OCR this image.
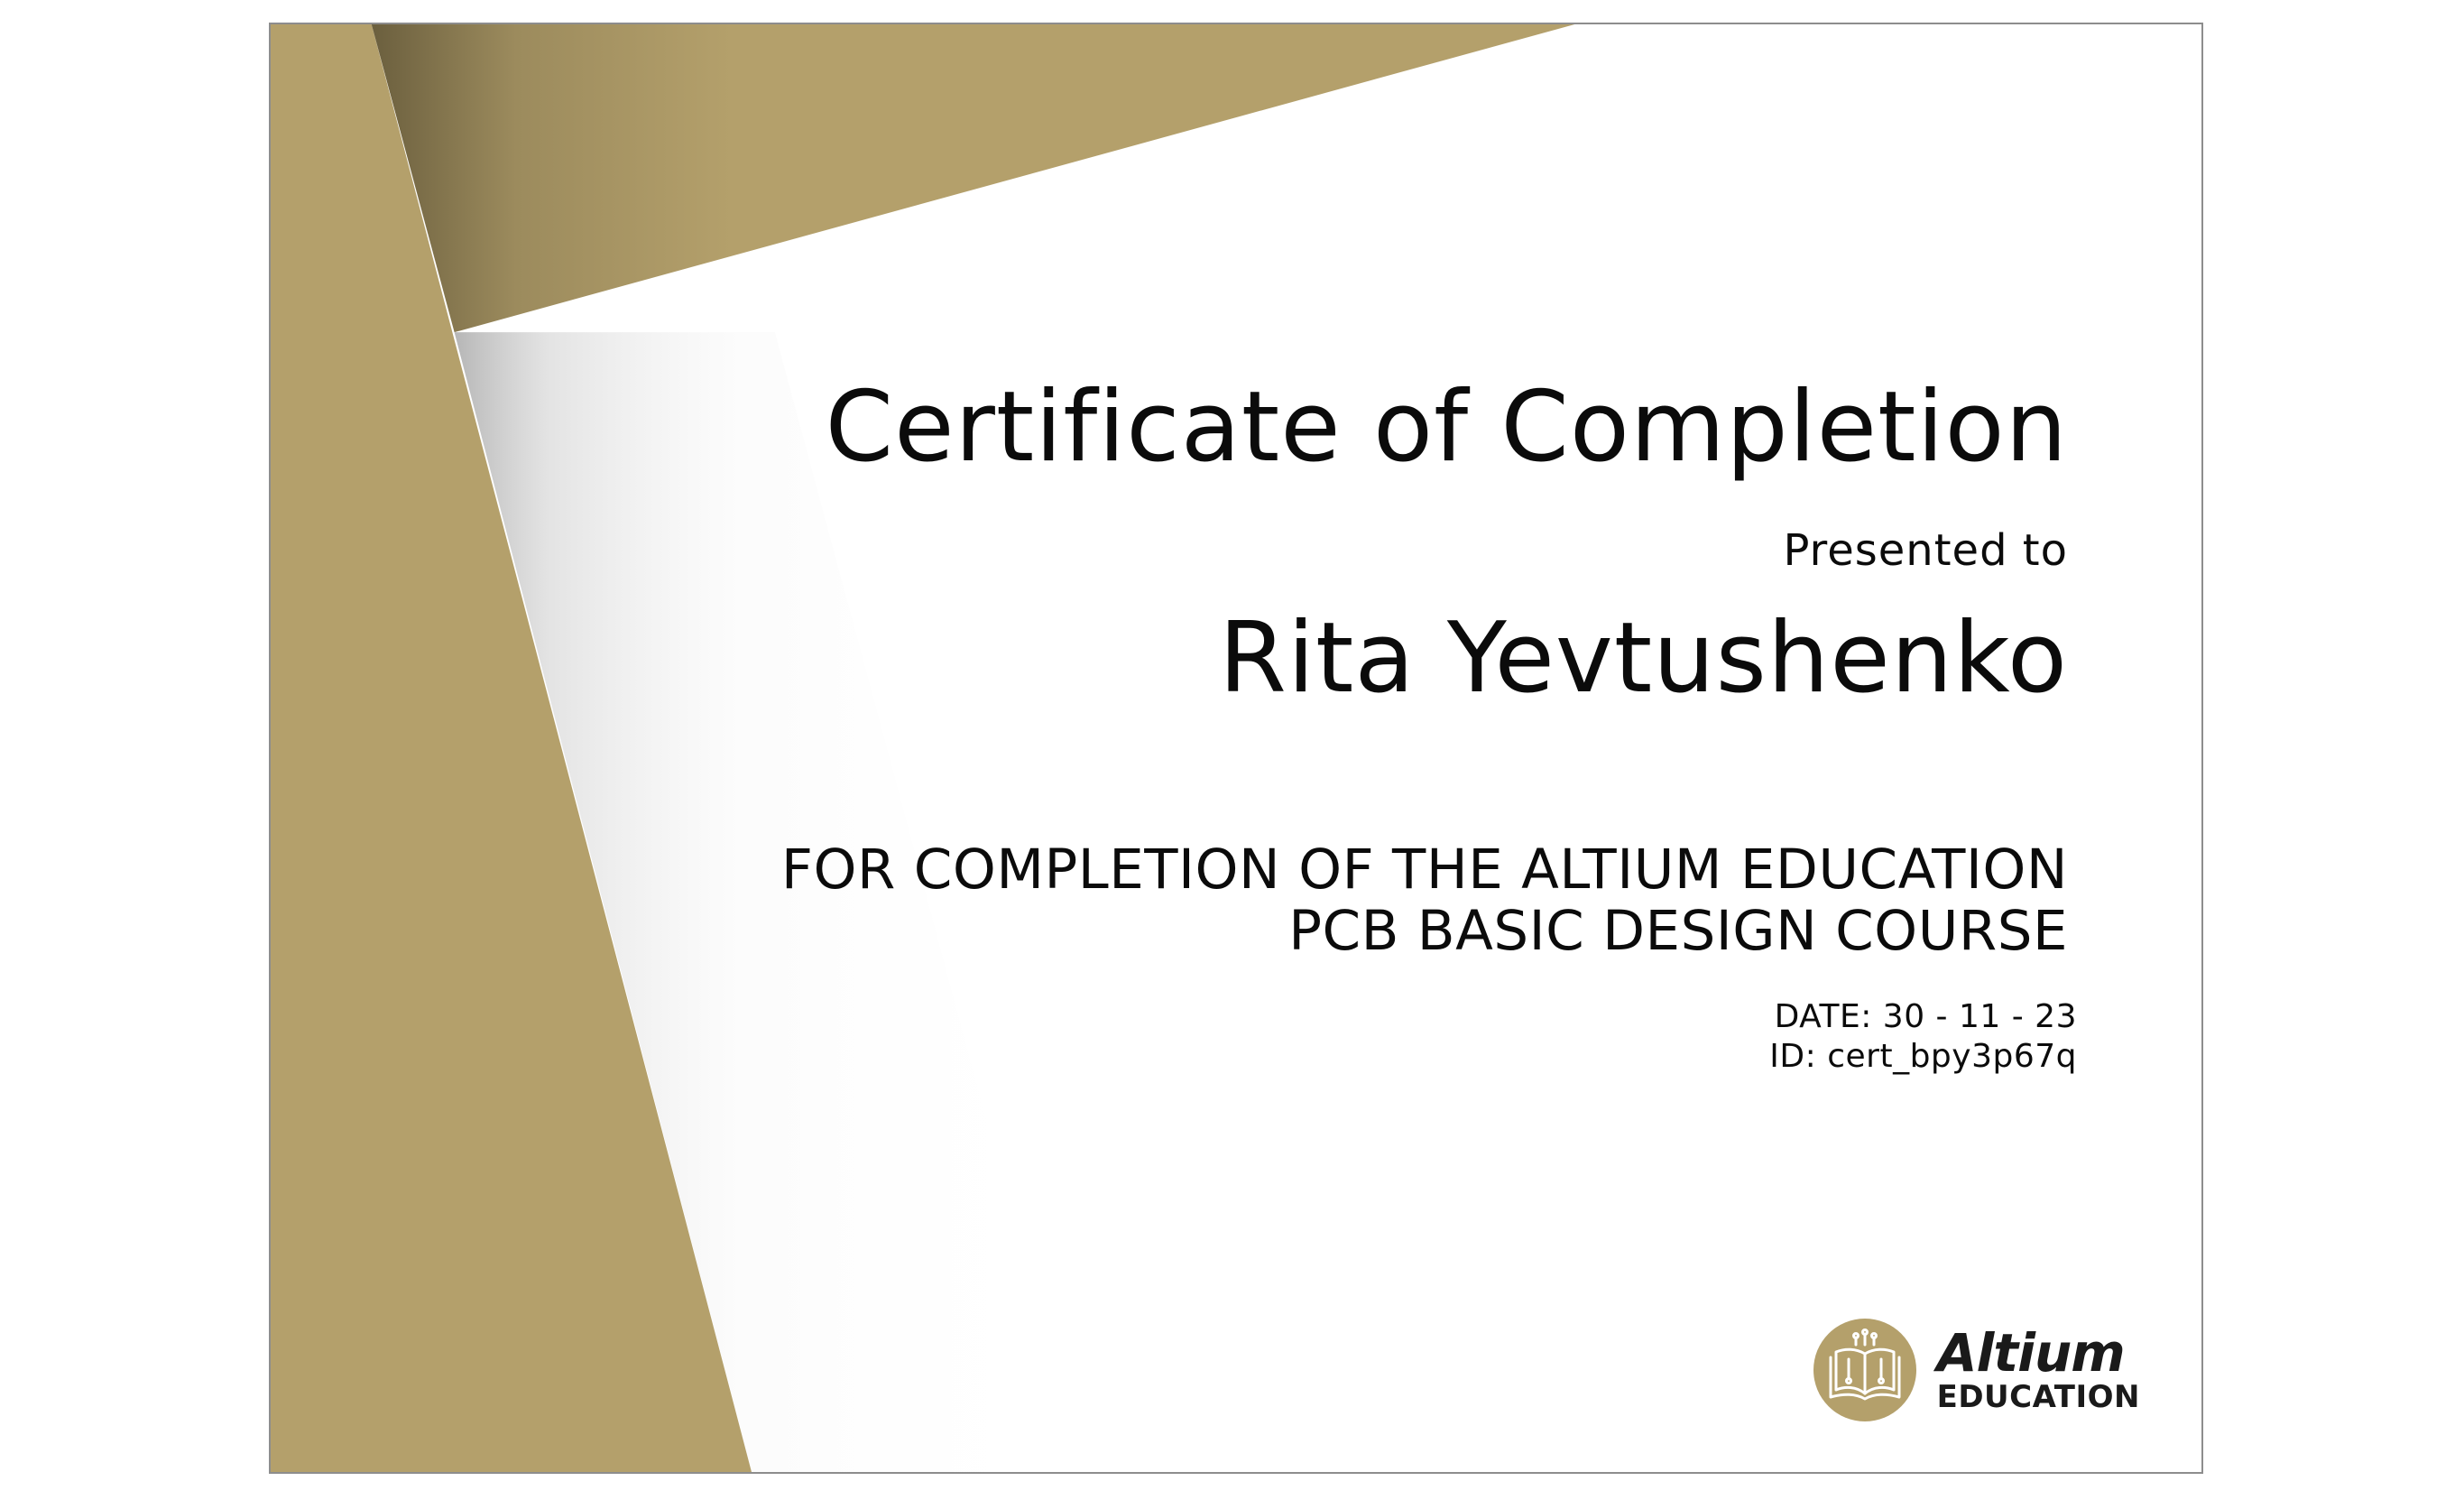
Certificate of Completion
Presented to
Rita Yevtushenko
FOR COMPLETION OF THE ALTIUM EDUCATION
PCB BASIC DESIGN COURSE
DATE: 30 - 11 - 23
ID: cert_bpy3p67q
Altium
EDUCATION
